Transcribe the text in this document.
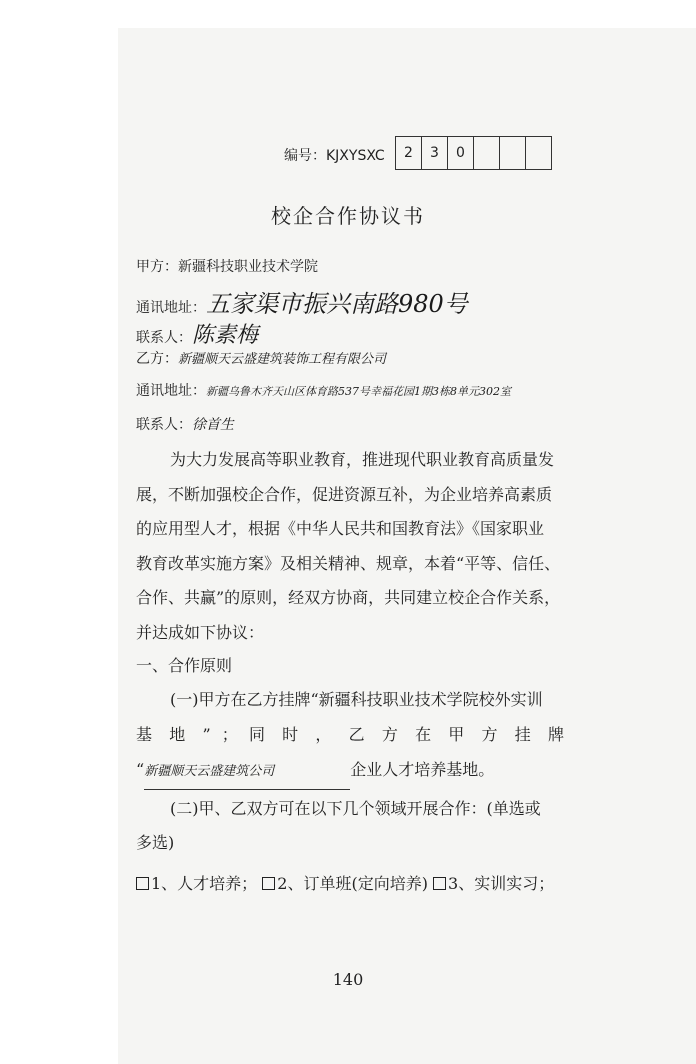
编号：KJXYSXC	2	3	0
校企合作协议书
甲方：新疆科技职业技术学院
通讯地址：五家渠市振兴南路980号
联系人：陈素梅
乙方：新疆顺天云盛建筑装饰工程有限公司
通讯地址：新疆乌鲁木齐天山区体育路537号幸福花园1期3栋8单元302室
联系人：徐首生
为大力发展高等职业教育，推进现代职业教育高质量发
展，不断加强校企合作，促进资源互补，为企业培养高素质
的应用型人才，根据《中华人民共和国教育法》《国家职业
教育改革实施方案》及相关精神、规章，本着“平等、信任、
合作、共赢”的原则，经双方协商，共同建立校企合作关系，
并达成如下协议：
一、合作原则
(一)甲方在乙方挂牌“新疆科技职业技术学院校外实训
基 地 ” ； 同 时 ， 乙 方 在 甲 方 挂 牌
“新疆顺天云盛建筑公司	企业人才培养基地。
(二)甲、乙双方可在以下几个领域开展合作：(单选或
多选)
1、人才培养； 2、订单班(定向培养) 3、实训实习；
140
